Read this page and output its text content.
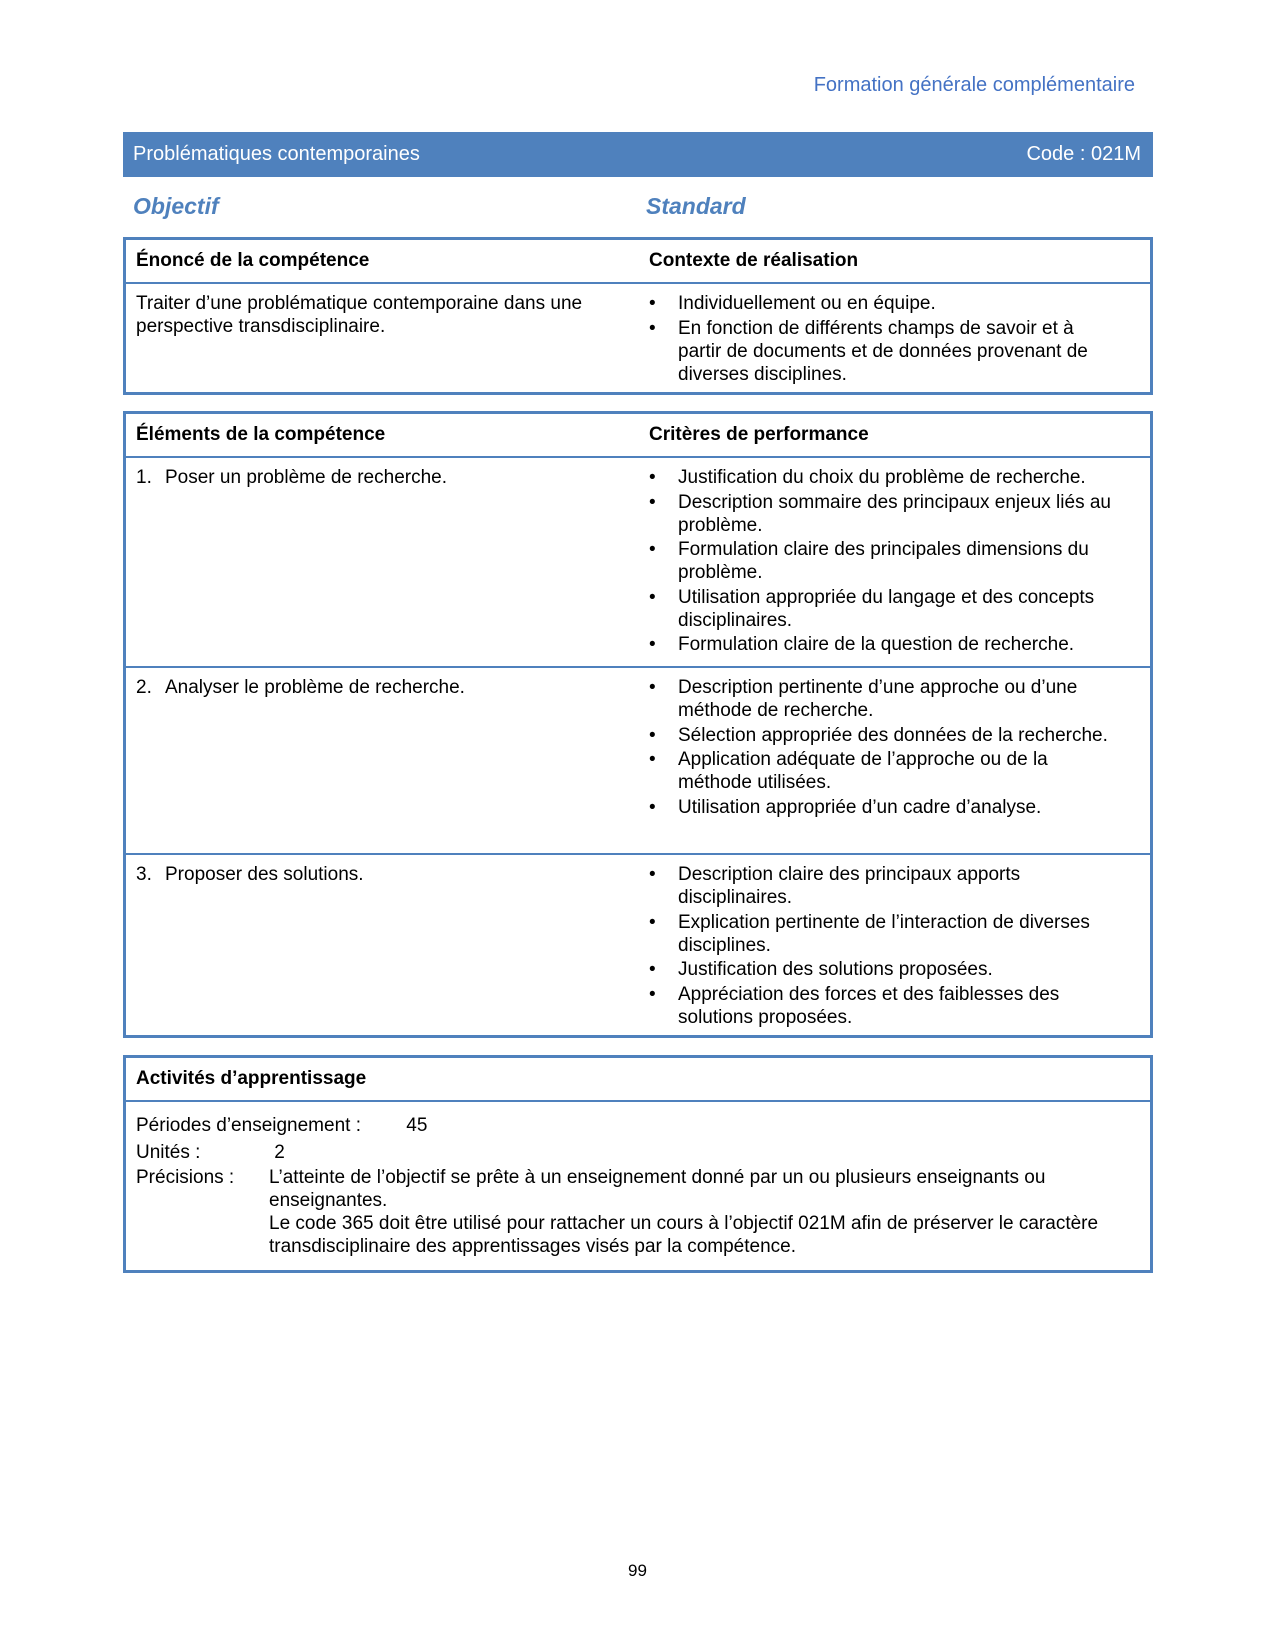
Formation générale complémentaire
Problématiques contemporaines	Code : 021M
Objectif	Standard
Énoncé de la compétence	Contexte de réalisation
Traiter d’une problématique contemporaine dans une perspective transdisciplinaire.
• Individuellement ou en équipe.
• En fonction de différents champs de savoir et à partir de documents et de données provenant de diverses disciplines.
Éléments de la compétence	Critères de performance
1. Poser un problème de recherche.	• Justification du choix du problème de recherche.
• Description sommaire des principaux enjeux liés au problème.
• Formulation claire des principales dimensions du problème.
• Utilisation appropriée du langage et des concepts disciplinaires.
• Formulation claire de la question de recherche.
2. Analyser le problème de recherche.	• Description pertinente d’une approche ou d’une méthode de recherche.
• Sélection appropriée des données de la recherche.
• Application adéquate de l’approche ou de la méthode utilisées.
• Utilisation appropriée d’un cadre d’analyse.
3. Proposer des solutions.	• Description claire des principaux apports disciplinaires.
• Explication pertinente de l’interaction de diverses disciplines.
• Justification des solutions proposées.
• Appréciation des forces et des faiblesses des solutions proposées.
Activités d’apprentissage
Périodes d’enseignement : 45
Unités :	2
Précisions : L’atteinte de l’objectif se prête à un enseignement donné par un ou plusieurs enseignants ou enseignantes.

Le code 365 doit être utilisé pour rattacher un cours à l’objectif 021M afin de préserver le caractère transdisciplinaire des apprentissages visés par la compétence.

99
